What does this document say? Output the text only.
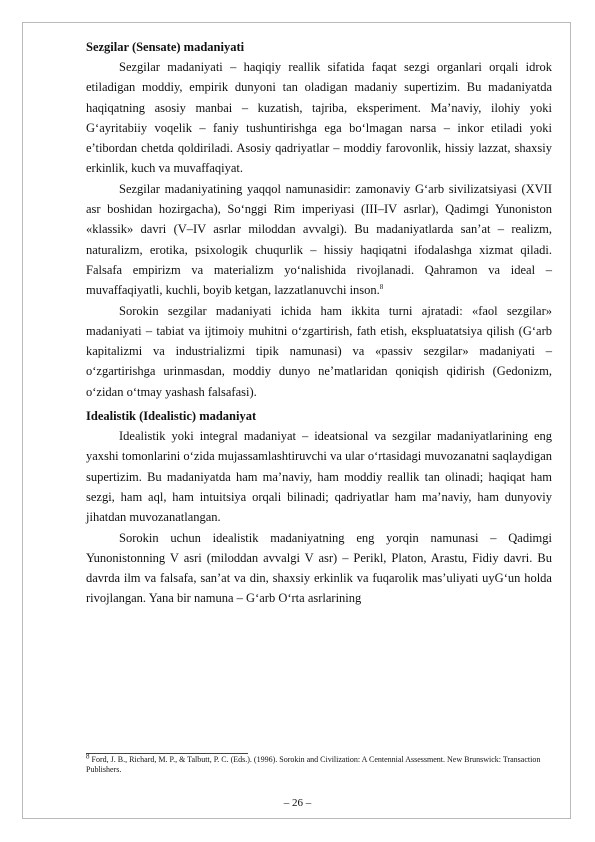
Sezgilar (Sensate) madaniyati

Sezgilar madaniyati – haqiqiy reallik sifatida faqat sezgi organlari orqali idrok etiladigan moddiy, empirik dunyoni tan oladigan madaniy supertizim. Bu madaniyatda haqiqatning asosiy manbai – kuzatish, tajriba, eksperiment. Ma’naviy, ilohiy yoki G‘ayritabiiy voqelik – faniy tushuntirishga ega bo‘lmagan narsa – inkor etiladi yoki e’tibordan chetda qoldiriladi. Asosiy qadriyatlar – moddiy farovonlik, hissiy lazzat, shaxsiy erkinlik, kuch va muvaffaqiyat.

Sezgilar madaniyatining yaqqol namunasidir: zamonaviy G‘arb sivilizatsiyasi (XVII asr boshidan hozirgacha), So‘nggi Rim imperiyasi (III–IV asrlar), Qadimgi Yunoniston «klassik» davri (V–IV asrlar miloddan avvalgi). Bu madaniyatlarda san’at – realizm, naturalizm, erotika, psixologik chuqurlik – hissiy haqiqatni ifodalashga xizmat qiladi. Falsafa empirizm va materializm yo‘nalishida rivojlanadi. Qahramon va ideal – muvaffaqiyatli, kuchli, boyib ketgan, lazzatlanuvchi inson.$^8$

Sorokin sezgilar madaniyati ichida ham ikkita turni ajratadi: «faol sezgilar» madaniyati – tabiat va ijtimoiy muhitni o‘zgartirish, fath etish, ekspluatatsiya qilish (G‘arb kapitalizmi va industrializmi tipik namunasi) va «passiv sezgilar» madaniyati – o‘zgartirishga urinmasdan, moddiy dunyo ne’matlaridan qoniqish qidirish (Gedonizm, o‘zidan o‘tmay yashash falsafasi).

Idealistik (Idealistic) madaniyat

Idealistik yoki integral madaniyat – ideatsional va sezgilar madaniyatlarining eng yaxshi tomonlarini o‘zida mujassamlashtiruvchi va ular o‘rtasidagi muvozanatni saqlaydigan supertizim. Bu madaniyatda ham ma’naviy, ham moddiy reallik tan olinadi; haqiqat ham sezgi, ham aql, ham intuitsiya orqali bilinadi; qadriyatlar ham ma’naviy, ham dunyoviy jihatdan muvozanatlangan.

Sorokin uchun idealistik madaniyatning eng yorqin namunasi – Qadimgi Yunonistonning V asri (miloddan avvalgi V asr) – Perikl, Platon, Arastu, Fidiy davri. Bu davrda ilm va falsafa, san’at va din, shaxsiy erkinlik va fuqarolik mas’uliyati uyG‘un holda rivojlangan. Yana bir namuna – G‘arb O‘rta asrlarining

$^8$ Ford, J. B., Richard, M. P., & Talbutt, P. C. (Eds.). (1996). Sorokin and Civilization: A Centennial Assessment. New Brunswick: Transaction Publishers.
– 26 –
